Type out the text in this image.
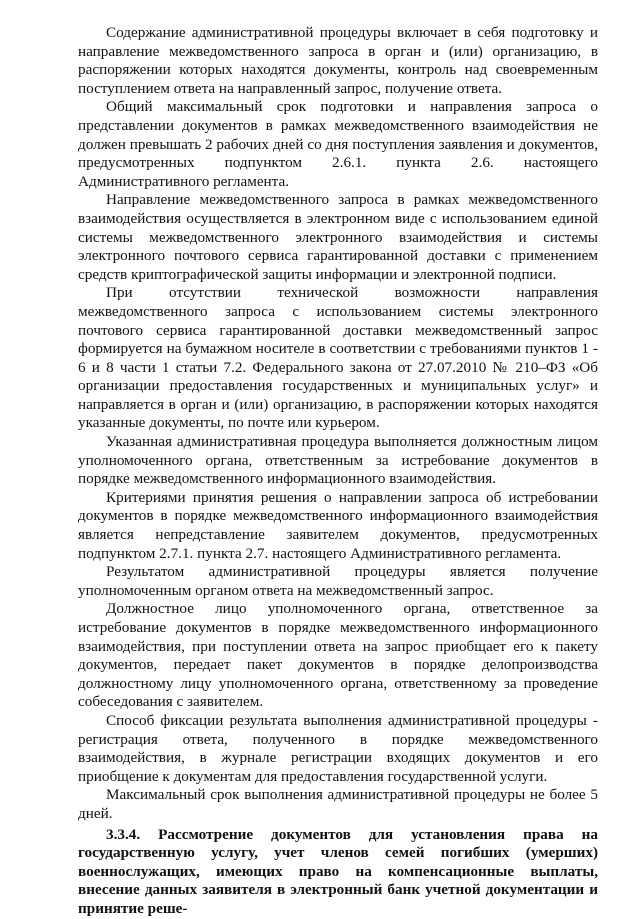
Содержание административной процедуры включает в себя подготовку и направление межведомственного запроса в орган и (или) организацию, в распоряжении которых находятся документы, контроль над своевременным поступлением ответа на направленный запрос, получение ответа.

Общий максимальный срок подготовки и направления запроса о представлении документов в рамках межведомственного взаимодействия не должен превышать 2 рабочих дней со дня поступления заявления и документов, предусмотренных подпунктом 2.6.1. пункта 2.6. настоящего Административного регламента.

Направление межведомственного запроса в рамках межведомственного взаимодействия осуществляется в электронном виде с использованием единой системы межведомственного электронного взаимодействия и системы электронного почтового сервиса гарантированной доставки с применением средств криптографической защиты информации и электронной подписи.

При отсутствии технической возможности направления межведомственного запроса с использованием системы электронного почтового сервиса гарантированной доставки межведомственный запрос формируется на бумажном носителе в соответствии с требованиями пунктов 1 - 6 и 8 части 1 статьи 7.2. Федерального закона от 27.07.2010 № 210–ФЗ «Об организации предоставления государственных и муниципальных услуг» и направляется в орган и (или) организацию, в распоряжении которых находятся указанные документы, по почте или курьером.

Указанная административная процедура выполняется должностным лицом уполномоченного органа, ответственным за истребование документов в порядке межведомственного информационного взаимодействия.

Критериями принятия решения о направлении запроса об истребовании документов в порядке межведомственного информационного взаимодействия является непредставление заявителем документов, предусмотренных подпунктом 2.7.1. пункта 2.7. настоящего Административного регламента.

Результатом административной процедуры является получение уполномоченным органом ответа на межведомственный запрос.

Должностное лицо уполномоченного органа, ответственное за истребование документов в порядке межведомственного информационного взаимодействия, при поступлении ответа на запрос приобщает его к пакету документов, передает пакет документов в порядке делопроизводства должностному лицу уполномоченного органа, ответственному за проведение собеседования с заявителем.

Способ фиксации результата выполнения административной процедуры - регистрация ответа, полученного в порядке межведомственного взаимодействия, в журнале регистрации входящих документов и его приобщение к документам для предоставления государственной услуги.

Максимальный срок выполнения административной процедуры не более 5 дней.

3.3.4. Рассмотрение документов для установления права на государственную услугу, учет членов семей погибших (умерших) военнослужащих, имеющих право на компенсационные выплаты, внесение данных заявителя в электронный банк учетной документации и принятие реше-
